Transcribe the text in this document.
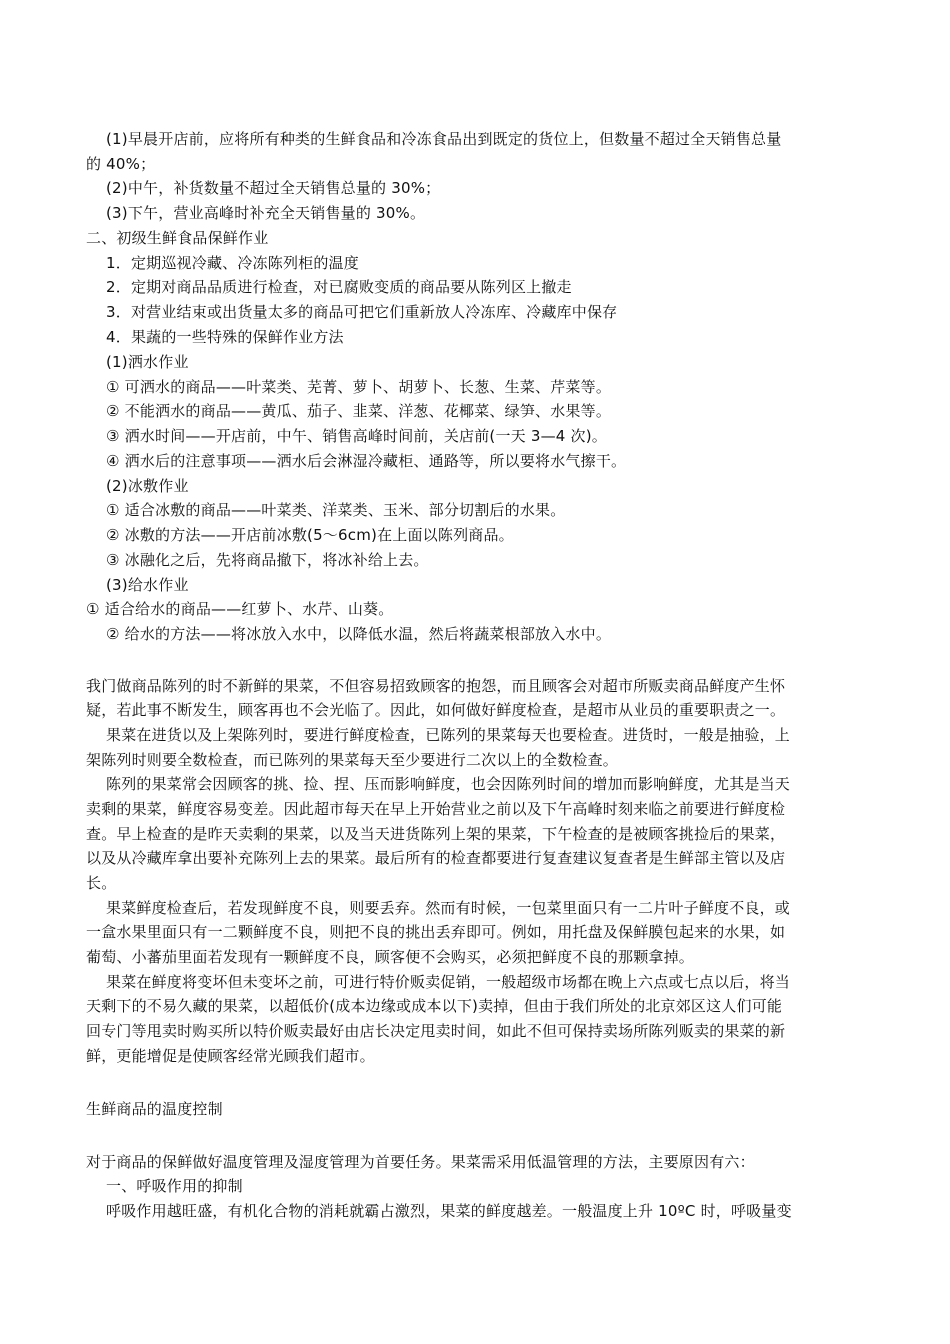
(1)早晨开店前，应将所有种类的生鲜食品和冷冻食品出到既定的货位上，但数量不超过全天销售总量
的 40%；
(2)中午，补货数量不超过全天销售总量的 30%；
(3)下午，营业高峰时补充全天销售量的 30%。
二、初级生鲜食品保鲜作业
1．定期巡视冷藏、冷冻陈列柜的温度
2．定期对商品品质进行检查，对已腐败变质的商品要从陈列区上撤走
3．对营业结束或出货量太多的商品可把它们重新放人冷冻库、冷藏库中保存
4．果蔬的一些特殊的保鲜作业方法
(1)洒水作业
① 可洒水的商品——叶菜类、芜菁、萝卜、胡萝卜、长葱、生菜、芹菜等。
② 不能洒水的商品——黄瓜、茄子、韭菜、洋葱、花椰菜、绿笋、水果等。
③ 洒水时间——开店前，中午、销售高峰时间前，关店前(一天 3—4 次)。
④ 洒水后的注意事项——洒水后会淋湿冷藏柜、通路等，所以要将水气擦干。
(2)冰敷作业
① 适合冰敷的商品——叶菜类、洋菜类、玉米、部分切割后的水果。
② 冰敷的方法——开店前冰敷(5～6cm)在上面以陈列商品。
③ 冰融化之后，先将商品撤下，将冰补给上去。
(3)给水作业
① 适合给水的商品——红萝卜、水芹、山葵。
② 给水的方法——将冰放入水中，以降低水温，然后将蔬菜根部放入水中。
我门做商品陈列的时不新鲜的果菜，不但容易招致顾客的抱怨，而且顾客会对超市所贩卖商品鲜度产生怀
疑，若此事不断发生，顾客再也不会光临了。因此，如何做好鲜度检查，是超市从业员的重要职责之一。
果菜在进货以及上架陈列时，要进行鲜度检查，已陈列的果菜每天也要检查。进货时，一般是抽验，上
架陈列时则要全数检查，而已陈列的果菜每天至少要进行二次以上的全数检查。
陈列的果菜常会因顾客的挑、捡、捏、压而影响鲜度，也会因陈列时间的增加而影响鲜度，尤其是当天
卖剩的果菜，鲜度容易变差。因此超市每天在早上开始营业之前以及下午高峰时刻来临之前要进行鲜度检
查。早上检查的是昨天卖剩的果菜，以及当天进货陈列上架的果菜，下午检查的是被顾客挑捡后的果菜，
以及从冷藏库拿出要补充陈列上去的果菜。最后所有的检查都要进行复查建议复查者是生鲜部主管以及店
长。
果菜鲜度检查后，若发现鲜度不良，则要丢弃。然而有时候，一包菜里面只有一二片叶子鲜度不良，或
一盒水果里面只有一二颗鲜度不良，则把不良的挑出丢弃即可。例如，用托盘及保鲜膜包起来的水果，如
葡萄、小蕃茄里面若发现有一颗鲜度不良，顾客便不会购买，必须把鲜度不良的那颗拿掉。
果菜在鲜度将变坏但未变坏之前，可进行特价贩卖促销，一般超级市场都在晚上六点或七点以后，将当
天剩下的不易久藏的果菜，以超低价(成本边缘或成本以下)卖掉，但由于我们所处的北京郊区这人们可能
回专门等甩卖时购买所以特价贩卖最好由店长决定甩卖时间，如此不但可保持卖场所陈列贩卖的果菜的新
鲜，更能增促是使顾客经常光顾我们超市。
生鲜商品的温度控制
对于商品的保鲜做好温度管理及湿度管理为首要任务。果菜需采用低温管理的方法，主要原因有六：
一、呼吸作用的抑制
呼吸作用越旺盛，有机化合物的消耗就霸占激烈，果菜的鲜度越差。一般温度上升 10ºC 时，呼吸量变
